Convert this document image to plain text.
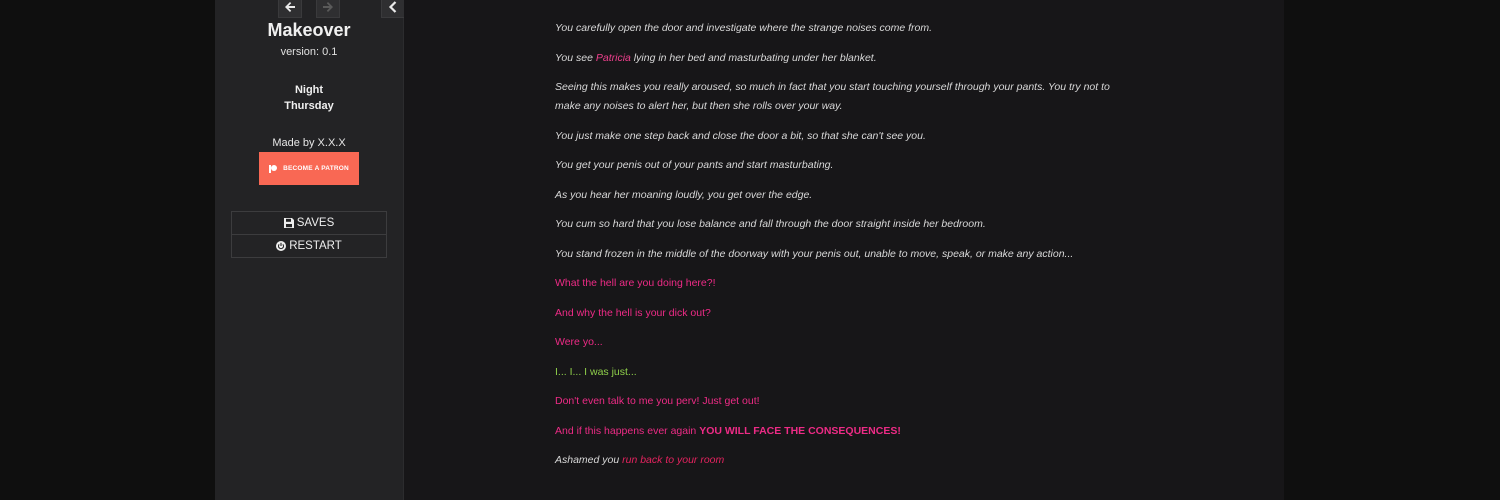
Makeover
version: 0.1
Night
Thursday
Made by X.X.X
BECOME A PATRON
SAVES
RESTART

You carefully open the door and investigate where the strange noises come from.

You see Patricia lying in her bed and masturbating under her blanket.

Seeing this makes you really aroused, so much in fact that you start touching yourself through your pants. You try not to make any noises to alert her, but then she rolls over your way.

You just make one step back and close the door a bit, so that she can't see you.

You get your penis out of your pants and start masturbating.

As you hear her moaning loudly, you get over the edge.

You cum so hard that you lose balance and fall through the door straight inside her bedroom.

You stand frozen in the middle of the doorway with your penis out, unable to move, speak, or make any action...

What the hell are you doing here?!

And why the hell is your dick out?

Were yo...

I... I... I was just...

Don't even talk to me you perv! Just get out!

And if this happens ever again YOU WILL FACE THE CONSEQUENCES!

Ashamed you run back to your room
